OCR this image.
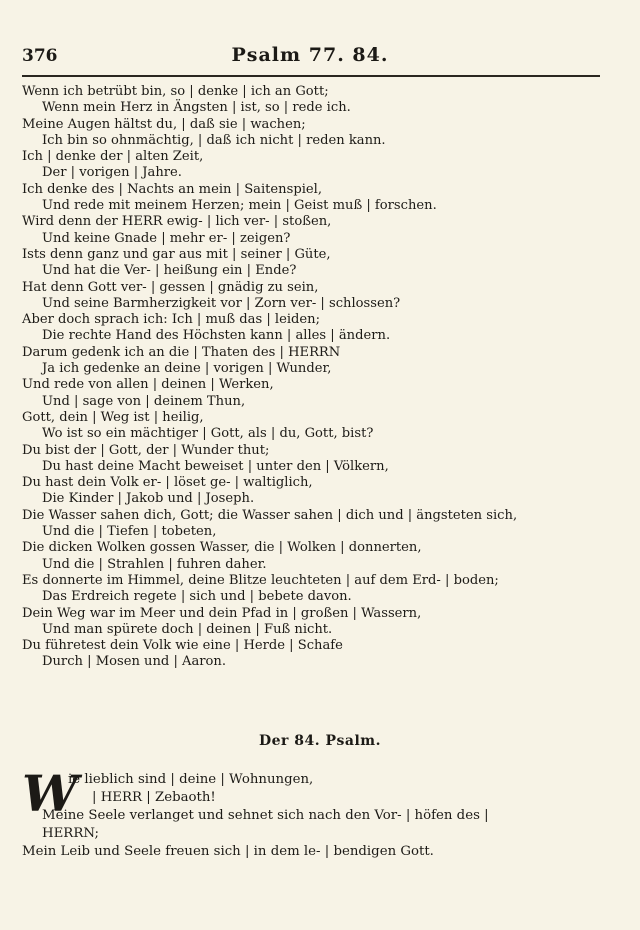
376	Psalm 77. 84.
Wenn ich betrübt bin, so | denke | ich an Gott;
Wenn mein Herz in Ängsten | ist, so | rede ich.
Meine Augen hältst du, | daß sie | wachen;
Ich bin so ohnmächtig, | daß ich nicht | reden kann.
Ich | denke der | alten Zeit,
Der | vorigen | Jahre.
Ich denke des | Nachts an mein | Saitenspiel,
Und rede mit meinem Herzen; mein | Geist muß | forschen.
Wird denn der HERR ewig- | lich ver- | stoßen,
Und keine Gnade | mehr er- | zeigen?
Ists denn ganz und gar aus mit | seiner | Güte,
Und hat die Ver- | heißung ein | Ende?
Hat denn Gott ver- | gessen | gnädig zu sein,
Und seine Barmherzigkeit vor | Zorn ver- | schlossen?
Aber doch sprach ich: Ich | muß das | leiden;
Die rechte Hand des Höchsten kann | alles | ändern.
Darum gedenk ich an die | Thaten des | HERRN
Ja ich gedenke an deine | vorigen | Wunder,
Und rede von allen | deinen | Werken,
Und | sage von | deinem Thun,
Gott, dein | Weg ist | heilig,
Wo ist so ein mächtiger | Gott, als | du, Gott, bist?
Du bist der | Gott, der | Wunder thut;
Du hast deine Macht beweiset | unter den | Völkern,
Du hast dein Volk er- | löset ge- | waltiglich,
Die Kinder | Jakob und | Joseph.
Die Wasser sahen dich, Gott; die Wasser sahen | dich und | ängsteten sich,
Und die | Tiefen | tobeten,
Die dicken Wolken gossen Wasser, die | Wolken | donnerten,
Und die | Strahlen | fuhren daher.
Es donnerte im Himmel, deine Blitze leuchteten | auf dem Erd- | boden;
Das Erdreich regete | sich und | bebete davon.
Dein Weg war im Meer und dein Pfad in | großen | Wassern,
Und man spürete doch | deinen | Fuß nicht.
Du führetest dein Volk wie eine | Herde | Schafe
Durch | Mosen und | Aaron.
Der 84. Psalm.
W
ie lieblich sind | deine | Wohnungen,
| HERR | Zebaoth!
Meine Seele verlanget und sehnet sich nach den Vor- | höfen des |
HERRN;
Mein Leib und Seele freuen sich | in dem le- | bendigen Gott.
